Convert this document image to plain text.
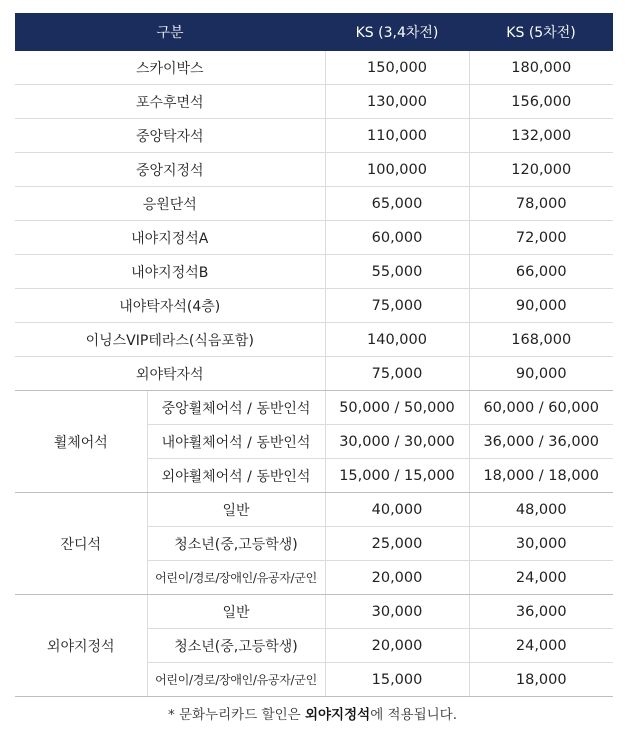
구분		KS (3,4차전)	KS (5차전)
스카이박스		150,000	180,000
포수후면석		130,000	156,000
중앙탁자석		110,000	132,000
중앙지정석		100,000	120,000
응원단석		65,000	78,000
내야지정석A		60,000	72,000
내야지정석B		55,000	66,000
내야탁자석(4층)		75,000	90,000
이닝스VIP테라스(식음포함)		140,000	168,000
외야탁자석		75,000	90,000
휠체어석	중앙휠체어석 / 동반인석	50,000 / 50,000	60,000 / 60,000
	내야휠체어석 / 동반인석	30,000 / 30,000	36,000 / 36,000
	외야휠체어석 / 동반인석	15,000 / 15,000	18,000 / 18,000
잔디석	일반	40,000	48,000
	청소년(중,고등학생)	25,000	30,000
	어린이/경로/장애인/유공자/군인	20,000	24,000
외야지정석	일반	30,000	36,000
	청소년(중,고등학생)	20,000	24,000
	어린이/경로/장애인/유공자/군인	15,000	18,000
* 문화누리카드 할인은 외야지정석에 적용됩니다.
